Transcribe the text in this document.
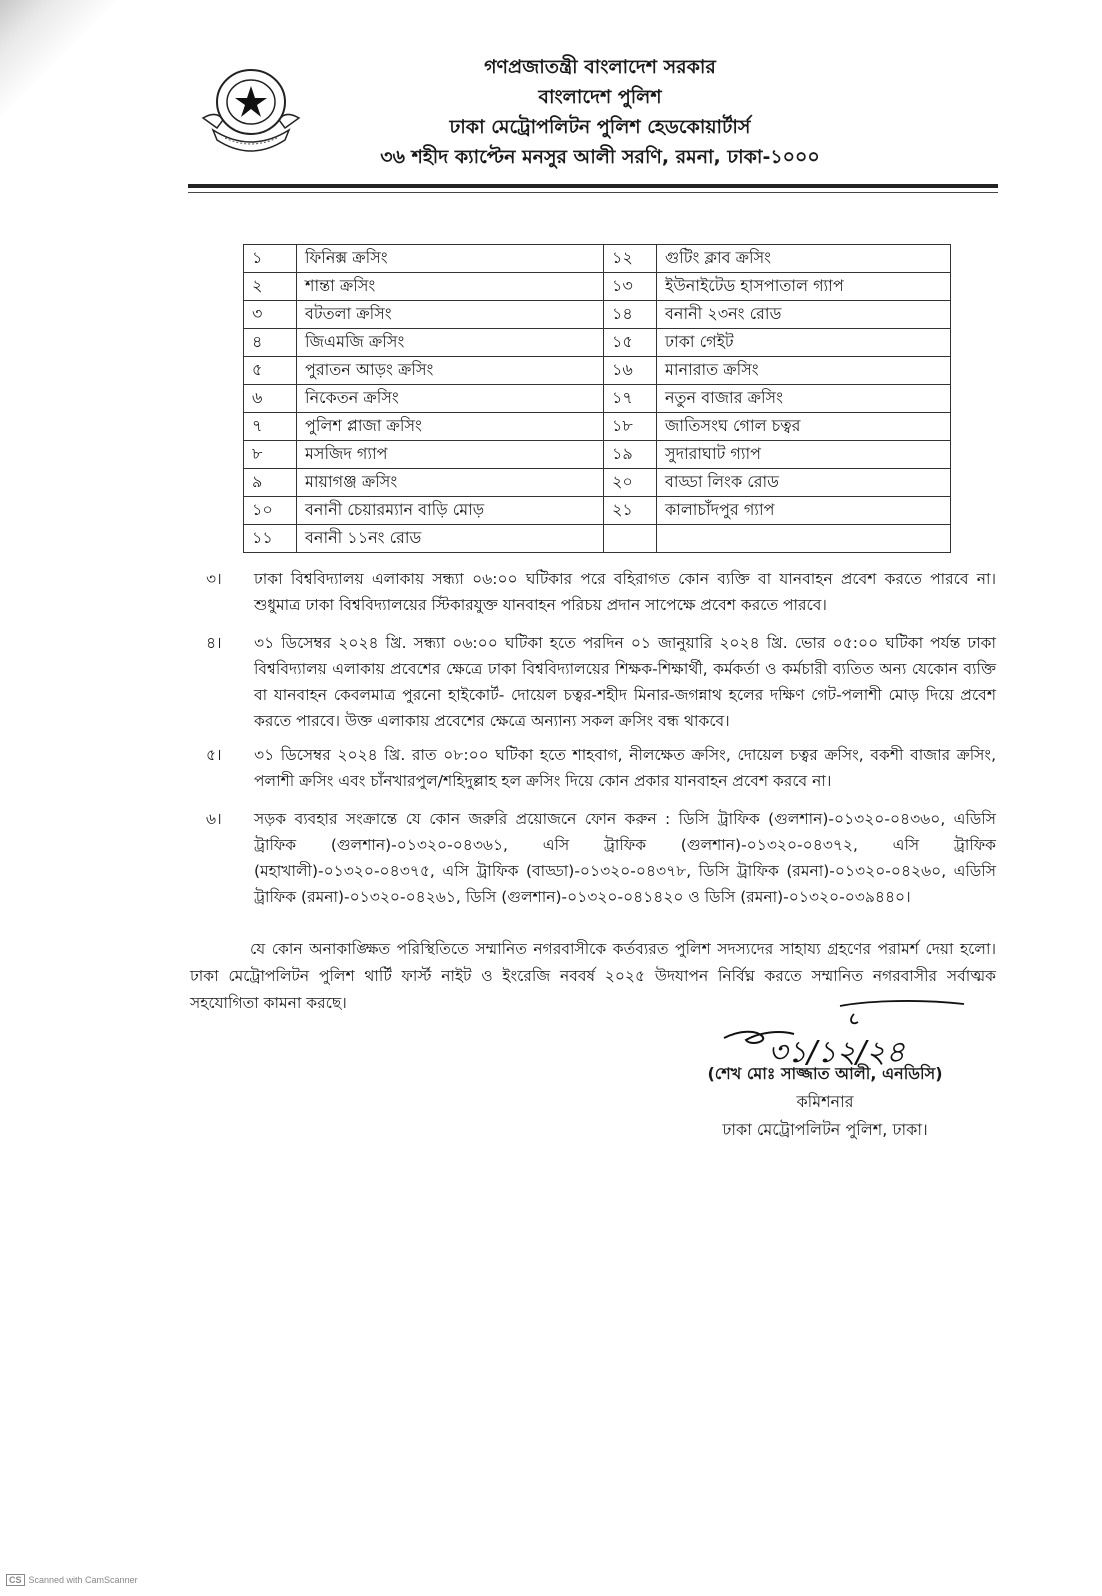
গণপ্রজাতন্ত্রী বাংলাদেশ সরকার
বাংলাদেশ পুলিশ
ঢাকা মেট্রোপলিটন পুলিশ হেডকোয়ার্টার্স
৩৬ শহীদ ক্যাপ্টেন মনসুর আলী সরণি, রমনা, ঢাকা-১০০০
১	ফিনিক্স ক্রসিং	১২	গুটিং ক্লাব ক্রসিং
২	শান্তা ক্রসিং	১৩	ইউনাইটেড হাসপাতাল গ্যাপ
৩	বটতলা ক্রসিং	১৪	বনানী ২৩নং রোড
৪	জিএমজি ক্রসিং	১৫	ঢাকা গেইট
৫	পুরাতন আড়ং ক্রসিং	১৬	মানারাত ক্রসিং
৬	নিকেতন ক্রসিং	১৭	নতুন বাজার ক্রসিং
৭	পুলিশ প্লাজা ক্রসিং	১৮	জাতিসংঘ গোল চত্বর
৮	মসজিদ গ্যাপ	১৯	সুদারাঘাট গ্যাপ
৯	মায়াগঞ্জ ক্রসিং	২০	বাড্ডা লিংক রোড
১০	বনানী চেয়ারম্যান বাড়ি মোড়	২১	কালাচাঁদপুর গ্যাপ
১১	বনানী ১১নং রোড		
৩। ঢাকা বিশ্ববিদ্যালয় এলাকায় সন্ধ্যা ০৬:০০ ঘটিকার পরে বহিরাগত কোন ব্যক্তি বা যানবাহন প্রবেশ করতে পারবে না। শুধুমাত্র ঢাকা বিশ্ববিদ্যালয়ের স্টিকারযুক্ত যানবাহন পরিচয় প্রদান সাপেক্ষে প্রবেশ করতে পারবে।
৪। ৩১ ডিসেম্বর ২০২৪ খ্রি. সন্ধ্যা ০৬:০০ ঘটিকা হতে পরদিন ০১ জানুয়ারি ২০২৪ খ্রি. ভোর ০৫:০০ ঘটিকা পর্যন্ত ঢাকা বিশ্ববিদ্যালয় এলাকায় প্রবেশের ক্ষেত্রে ঢাকা বিশ্ববিদ্যালয়ের শিক্ষক-শিক্ষার্থী, কর্মকর্তা ও কর্মচারী ব্যতিত অন্য যেকোন ব্যক্তি বা যানবাহন কেবলমাত্র পুরনো হাইকোর্ট- দোয়েল চত্বর-শহীদ মিনার-জগন্নাথ হলের দক্ষিণ গেট-পলাশী মোড় দিয়ে প্রবেশ করতে পারবে। উক্ত এলাকায় প্রবেশের ক্ষেত্রে অন্যান্য সকল ক্রসিং বন্ধ থাকবে।
৫। ৩১ ডিসেম্বর ২০২৪ খ্রি. রাত ০৮:০০ ঘটিকা হতে শাহবাগ, নীলক্ষেত ক্রসিং, দোয়েল চত্বর ক্রসিং, বকশী বাজার ক্রসিং, পলাশী ক্রসিং এবং চাঁনখারপুল/শহিদুল্লাহ হল ক্রসিং দিয়ে কোন প্রকার যানবাহন প্রবেশ করবে না।
৬। সড়ক ব্যবহার সংক্রান্তে যে কোন জরুরি প্রয়োজনে ফোন করুন : ডিসি ট্রাফিক (গুলশান)-০১৩২০-০৪৩৬০, এডিসি ট্রাফিক (গুলশান)-০১৩২০-০৪৩৬১, এসি ট্রাফিক (গুলশান)-০১৩২০-০৪৩৭২, এসি ট্রাফিক (মহাখালী)-০১৩২০-০৪৩৭৫, এসি ট্রাফিক (বাড্ডা)-০১৩২০-০৪৩৭৮, ডিসি ট্রাফিক (রমনা)-০১৩২০-০৪২৬০, এডিসি ট্রাফিক (রমনা)-০১৩২০-০৪২৬১, ডিসি (গুলশান)-০১৩২০-০৪১৪২০ ও ডিসি (রমনা)-০১৩২০-০৩৯৪৪০।
যে কোন অনাকাঙ্ক্ষিত পরিস্থিতিতে সম্মানিত নগরবাসীকে কর্তব্যরত পুলিশ সদস্যদের সাহায্য গ্রহণের পরামর্শ দেয়া হলো। ঢাকা মেট্রোপলিটন পুলিশ থার্টি ফার্স্ট নাইট ও ইংরেজি নববর্ষ ২০২৫ উদযাপন নির্বিঘ্ন করতে সম্মানিত নগরবাসীর সর্বাত্মক সহযোগিতা কামনা করছে।
৩১/১২/২৪
(শেখ মোঃ সাজ্জাত আলী, এনডিসি)
কমিশনার
ঢাকা মেট্রোপলিটন পুলিশ, ঢাকা।
CS Scanned with CamScanner
